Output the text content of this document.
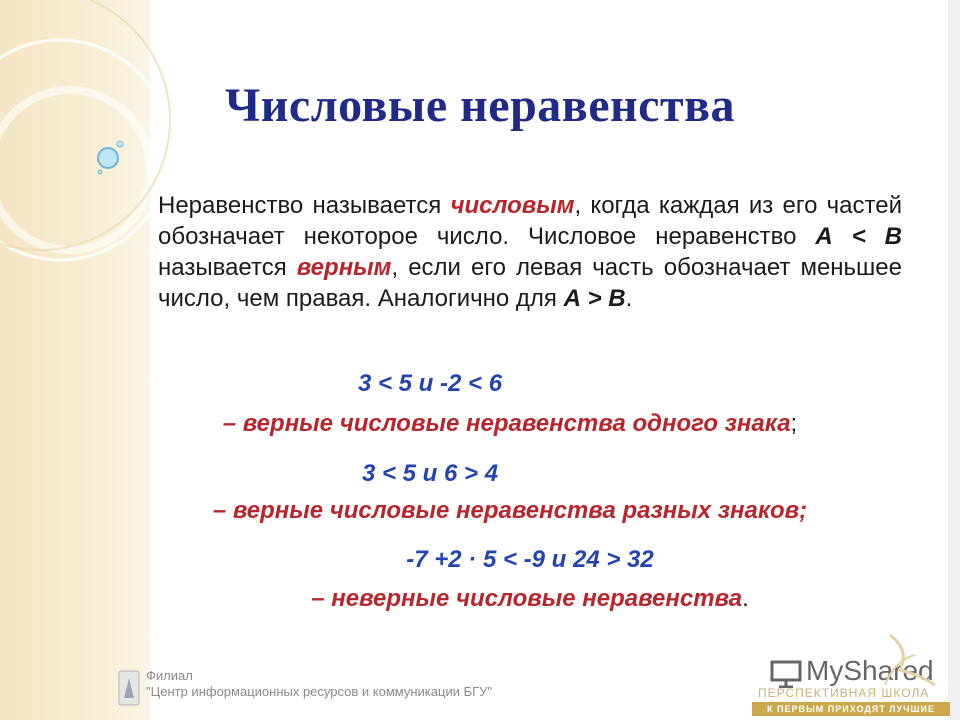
Числовые неравенства
Неравенство называется числовым, когда каждая из его частей обозначает некоторое число. Числовое неравенство А < В называется верным, если его левая часть обозначает меньшее число, чем правая. Аналогично для А > В.
3 < 5 и -2 < 6
– верные числовые неравенства одного знака;
3 < 5 и 6 > 4
– верные числовые неравенства разных знаков;
-7 +2 · 5 < -9 и 24 > 32
– неверные числовые неравенства.
Филиал
"Центр информационных ресурсов и коммуникации БГУ"
MyShared
ПЕРСПЕКТИВНАЯ ШКОЛА
К ПЕРВЫМ ПРИХОДЯТ ЛУЧШИЕ
